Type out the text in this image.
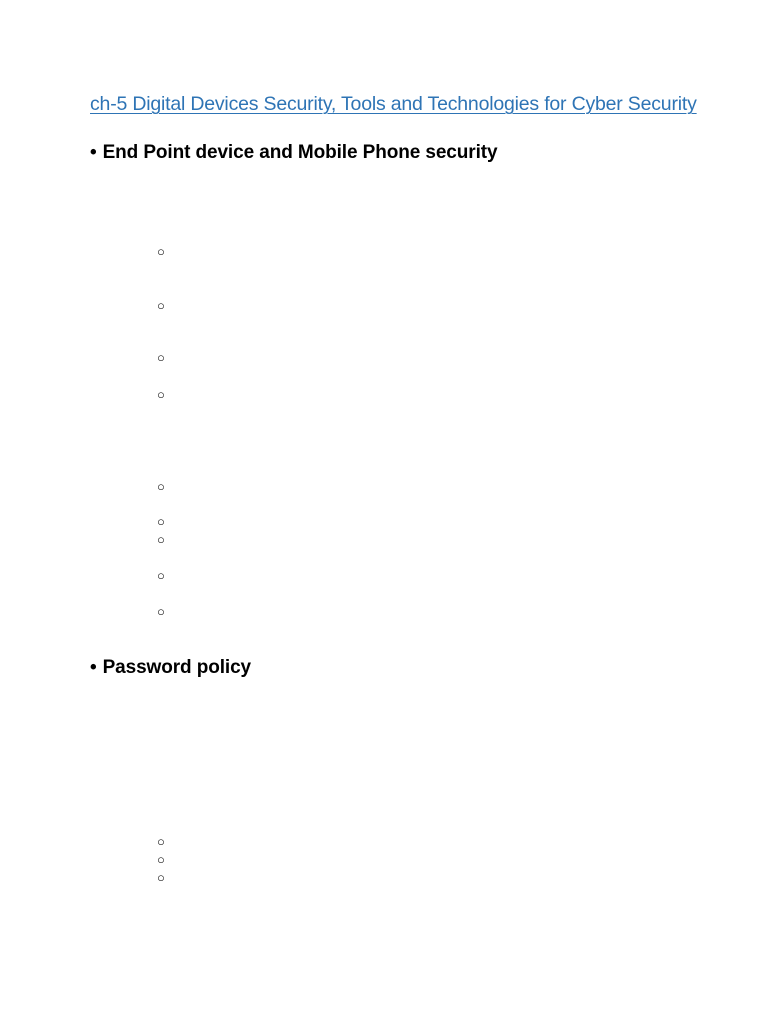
ch-5 Digital Devices Security, Tools and Technologies for Cyber Security
• End Point device and Mobile Phone security
○
○
○
○
○
○
○
○
○
• Password policy
○
○
○
